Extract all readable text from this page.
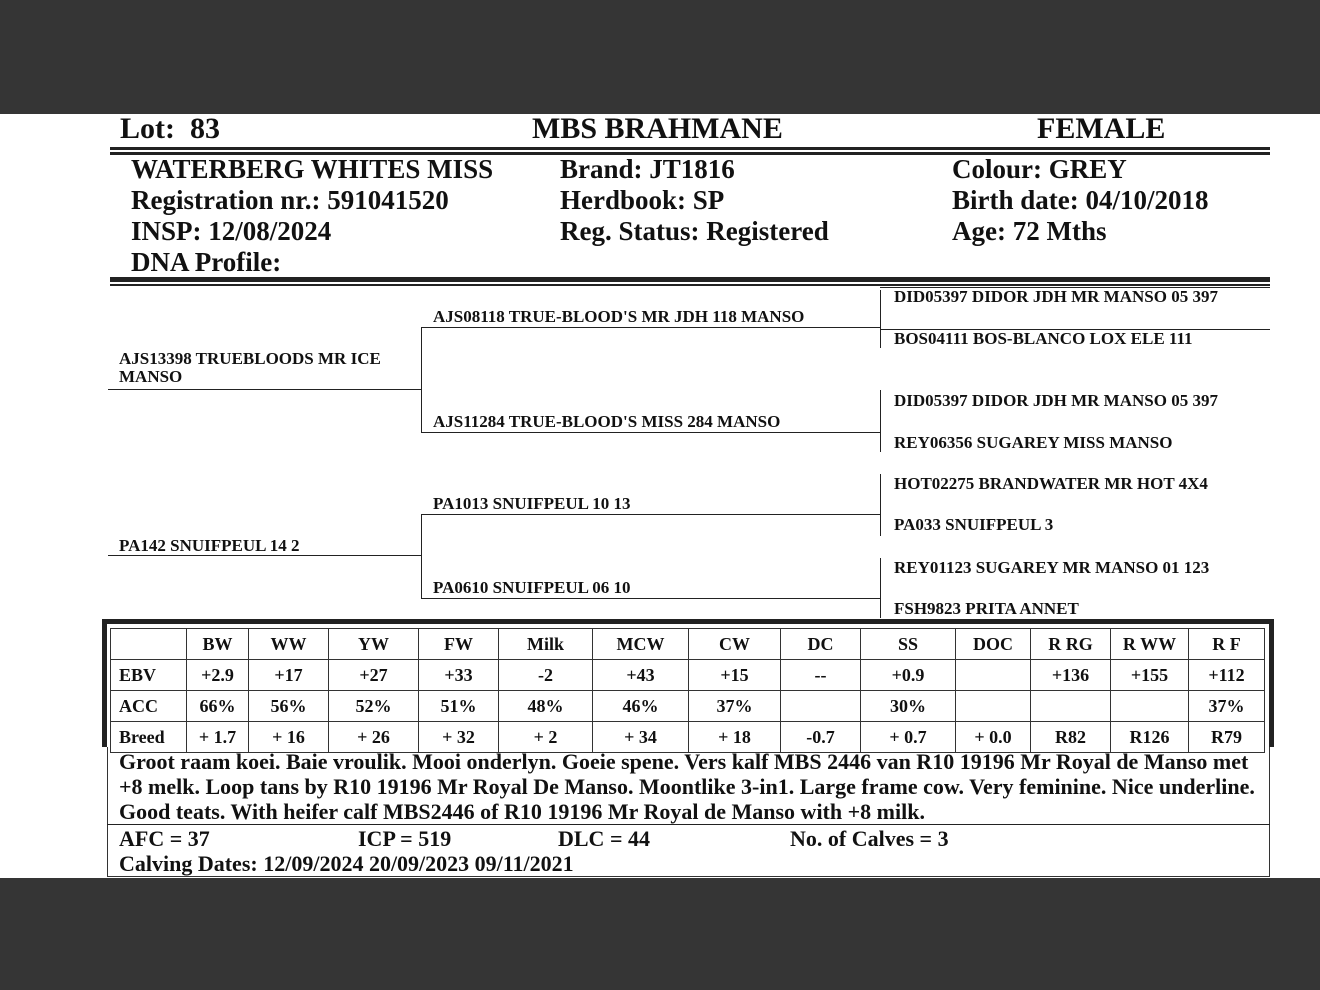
Lot: 83	MBS BRAHMANE	FEMALE
WATERBERG WHITES MISS
Registration nr.: 591041520
INSP: 12/08/2024
DNA Profile:
Brand: JT1816
Herdbook: SP
Reg. Status: Registered
Colour: GREY
Birth date: 04/10/2018
Age: 72 Mths
AJS13398 TRUEBLOODS MR ICE MANSO
PA142 SNUIFPEUL 14 2
AJS08118 TRUE-BLOOD'S MR JDH 118 MANSO
AJS11284 TRUE-BLOOD'S MISS 284 MANSO
PA1013 SNUIFPEUL 10 13
PA0610 SNUIFPEUL 06 10
DID05397 DIDOR JDH MR MANSO 05 397
BOS04111 BOS-BLANCO LOX ELE 111
DID05397 DIDOR JDH MR MANSO 05 397
REY06356 SUGAREY MISS MANSO
HOT02275 BRANDWATER MR HOT 4X4
PA033 SNUIFPEUL 3
REY01123 SUGAREY MR MANSO 01 123
FSH9823 PRITA ANNET
	BW	WW	YW	FW	Milk	MCW	CW	DC	SS	DOC	R RG	R WW	R F
EBV	+2.9	+17	+27	+33	-2	+43	+15	--	+0.9		+136	+155	+112
ACC	66%	56%	52%	51%	48%	46%	37%		30%				37%
Breed	+ 1.7	+ 16	+ 26	+ 32	+ 2	+ 34	+ 18	-0.7	+ 0.7	+ 0.0	R82	R126	R79
Groot raam koei. Baie vroulik. Mooi onderlyn. Goeie spene. Vers kalf MBS 2446 van R10 19196 Mr Royal de Manso met +8 melk. Loop tans by R10 19196 Mr Royal De Manso. Moontlike 3-in1. Large frame cow. Very feminine. Nice underline. Good teats. With heifer calf MBS2446 of R10 19196 Mr Royal de Manso with +8 milk.
AFC = 37	ICP = 519	DLC = 44	No. of Calves = 3
Calving Dates: 12/09/2024 20/09/2023 09/11/2021
